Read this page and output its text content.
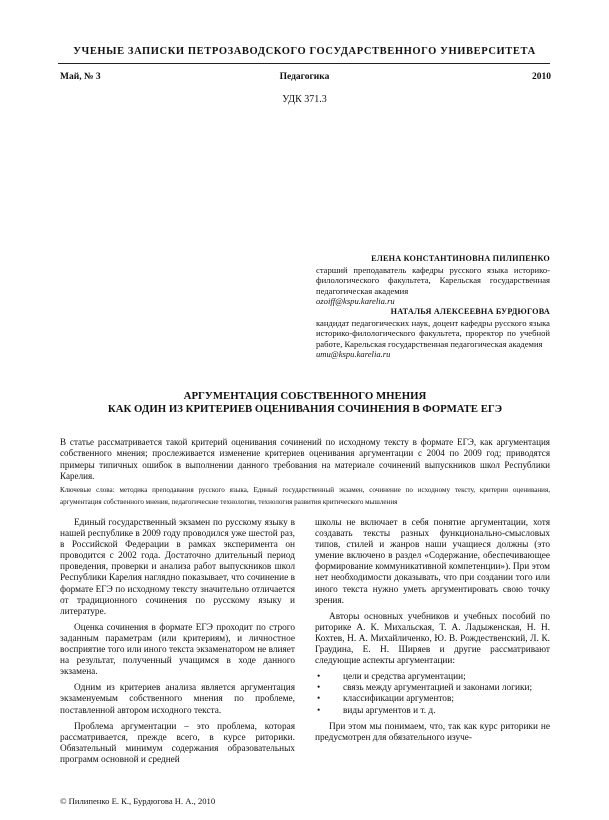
УЧЕНЫЕ ЗАПИСКИ ПЕТРОЗАВОДСКОГО ГОСУДАРСТВЕННОГО УНИВЕРСИТЕТА
Май, № 3	Педагогика	2010
УДК 371.3
ЕЛЕНА КОНСТАНТИНОВНА ПИЛИПЕНКО
старший преподаватель кафедры русского языка историко-филологического факультета, Карельская государственная педагогическая академия
ozoiff@kspu.karelia.ru
НАТАЛЬЯ АЛЕКСЕЕВНА БУРДЮГОВА
кандидат педагогических наук, доцент кафедры русского языка историко-филологического факультета, проректор по учебной работе, Карельская государственная педагогическая академия
umu@kspu.karelia.ru
АРГУМЕНТАЦИЯ СОБСТВЕННОГО МНЕНИЯ
КАК ОДИН ИЗ КРИТЕРИЕВ ОЦЕНИВАНИЯ СОЧИНЕНИЯ В ФОРМАТЕ ЕГЭ
В статье рассматривается такой критерий оценивания сочинений по исходному тексту в формате ЕГЭ, как аргументация собственного мнения; прослеживается изменение критериев оценивания аргументации с 2004 по 2009 год; приводятся примеры типичных ошибок в выполнении данного требования на материале сочинений выпускников школ Республики Карелия.
Ключевые слова: методика преподавания русского языка, Единый государственный экзамен, сочинение по исходному тексту, критерии оценивания, аргументация собственного мнения, педагогические технологии, технология развития критического мышления

Единый государственный экзамен по русскому языку в нашей республике в 2009 году проводился уже шестой раз, в Российской Федерации в рамках эксперимента он проводится с 2002 года. Достаточно длительный период проведения, проверки и анализа работ выпускников школ Республики Карелия наглядно показывает, что сочинение в формате ЕГЭ по исходному тексту значительно отличается от традиционного сочинения по русскому языку и литературе.

Оценка сочинения в формате ЕГЭ проходит по строго заданным параметрам (или критериям), и личностное восприятие того или иного текста экзаменатором не влияет на результат, полученный учащимся в ходе данного экзамена.

Одним из критериев анализа является аргументация экзаменуемым собственного мнения по проблеме, поставленной автором исходного текста.

Проблема аргументации – это проблема, которая рассматривается, прежде всего, в курсе риторики. Обязательный минимум содержания образовательных программ основной и средней

школы не включает в себя понятие аргументации, хотя создавать тексты разных функционально-смысловых типов, стилей и жанров наши учащиеся должны (это умение включено в раздел «Содержание, обеспечивающее формирование коммуникативной компетенции»). При этом нет необходимости доказывать, что при создании того или иного текста нужно уметь аргументировать свою точку зрения.

Авторы основных учебников и учебных пособий по риторике А. К. Михальская, Т. А. Ладыженская, Н. Н. Кохтев, Н. А. Михайличенко, Ю. В. Рождественский, Л. К. Граудина, Е. Н. Ширяев и другие рассматривают следующие аспекты аргументации:

• цели и средства аргументации;
• связь между аргументацией и законами логики;
• классификации аргументов;
• виды аргументов и т. д.

При этом мы понимаем, что, так как курс риторики не предусмотрен для обязательного изуче-

© Пилипенко Е. К., Бурдюгова Н. А., 2010
